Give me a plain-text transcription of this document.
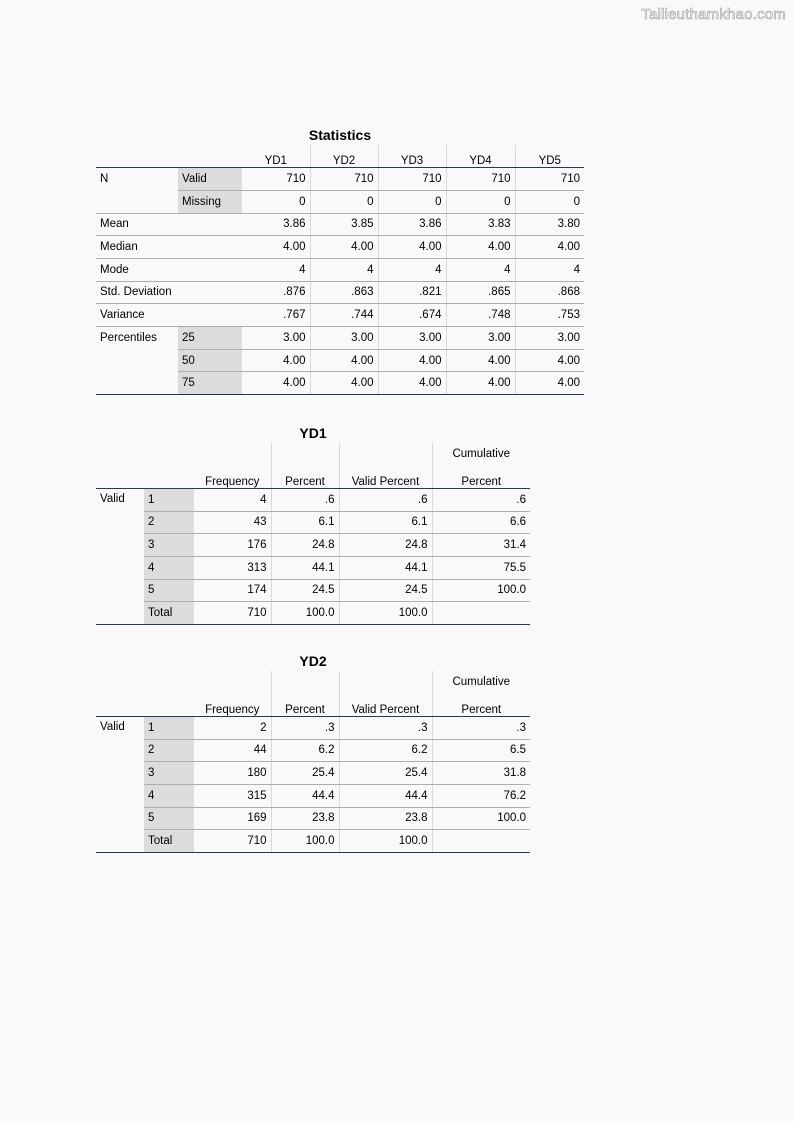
Tailieuthamkhao.com
Statistics
		YD1	YD2	YD3	YD4	YD5
N	Valid	710	710	710	710	710
	Missing	0	0	0	0	0
Mean		3.86	3.85	3.86	3.83	3.80
Median		4.00	4.00	4.00	4.00	4.00
Mode		4	4	4	4	4
Std. Deviation		.876	.863	.821	.865	.868
Variance		.767	.744	.674	.748	.753
Percentiles	25	3.00	3.00	3.00	3.00	3.00
	50	4.00	4.00	4.00	4.00	4.00
	75	4.00	4.00	4.00	4.00	4.00
YD1
					Cumulative
		Frequency	Percent	Valid Percent	Percent
Valid	1	4	.6	.6	.6
	2	43	6.1	6.1	6.6
	3	176	24.8	24.8	31.4
	4	313	44.1	44.1	75.5
	5	174	24.5	24.5	100.0
	Total	710	100.0	100.0	
YD2
					Cumulative
		Frequency	Percent	Valid Percent	Percent
Valid	1	2	.3	.3	.3
	2	44	6.2	6.2	6.5
	3	180	25.4	25.4	31.8
	4	315	44.4	44.4	76.2
	5	169	23.8	23.8	100.0
	Total	710	100.0	100.0	
